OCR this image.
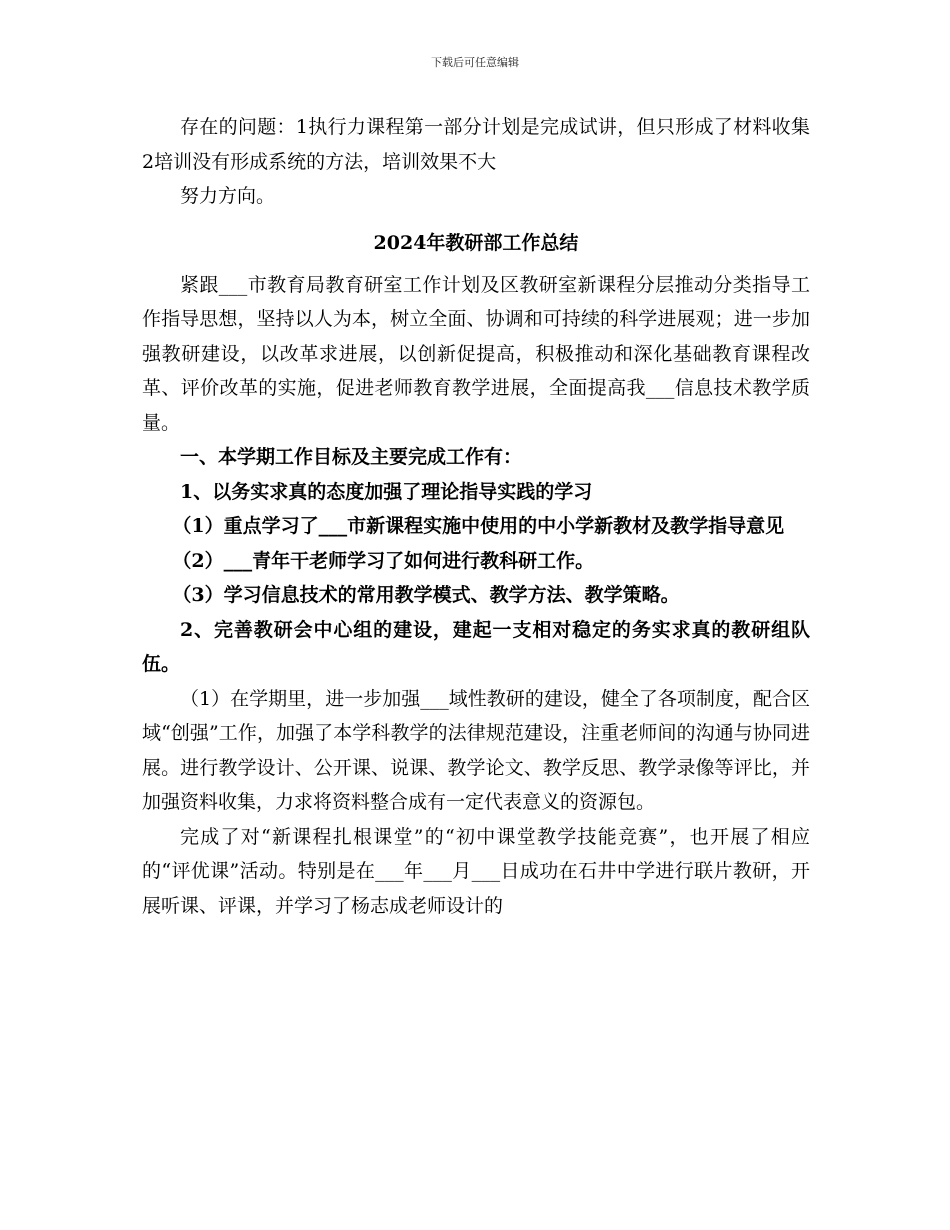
下载后可任意编辑

存在的问题：1执行力课程第一部分计划是完成试讲，但只形成了材料收集2培训没有形成系统的方法，培训效果不大

努力方向。

2024年教研部工作总结

紧跟___市教育局教育研室工作计划及区教研室新课程分层推动分类指导工作指导思想，坚持以人为本，树立全面、协调和可持续的科学进展观；进一步加强教研建设，以改革求进展，以创新促提高，积极推动和深化基础教育课程改革、评价改革的实施，促进老师教育教学进展，全面提高我___信息技术教学质量。

一、本学期工作目标及主要完成工作有：

1、以务实求真的态度加强了理论指导实践的学习

（1）重点学习了___市新课程实施中使用的中小学新教材及教学指导意见

（2）___青年干老师学习了如何进行教科研工作。

（3）学习信息技术的常用教学模式、教学方法、教学策略。

2、完善教研会中心组的建设，建起一支相对稳定的务实求真的教研组队伍。

（1）在学期里，进一步加强___域性教研的建设，健全了各项制度，配合区域“创强”工作，加强了本学科教学的法律规范建设，注重老师间的沟通与协同进展。进行教学设计、公开课、说课、教学论文、教学反思、教学录像等评比，并加强资料收集，力求将资料整合成有一定代表意义的资源包。

完成了对“新课程扎根课堂”的“初中课堂教学技能竞赛”，也开展了相应的“评优课”活动。特别是在___年___月___日成功在石井中学进行联片教研，开展听课、评课，并学习了杨志成老师设计的
